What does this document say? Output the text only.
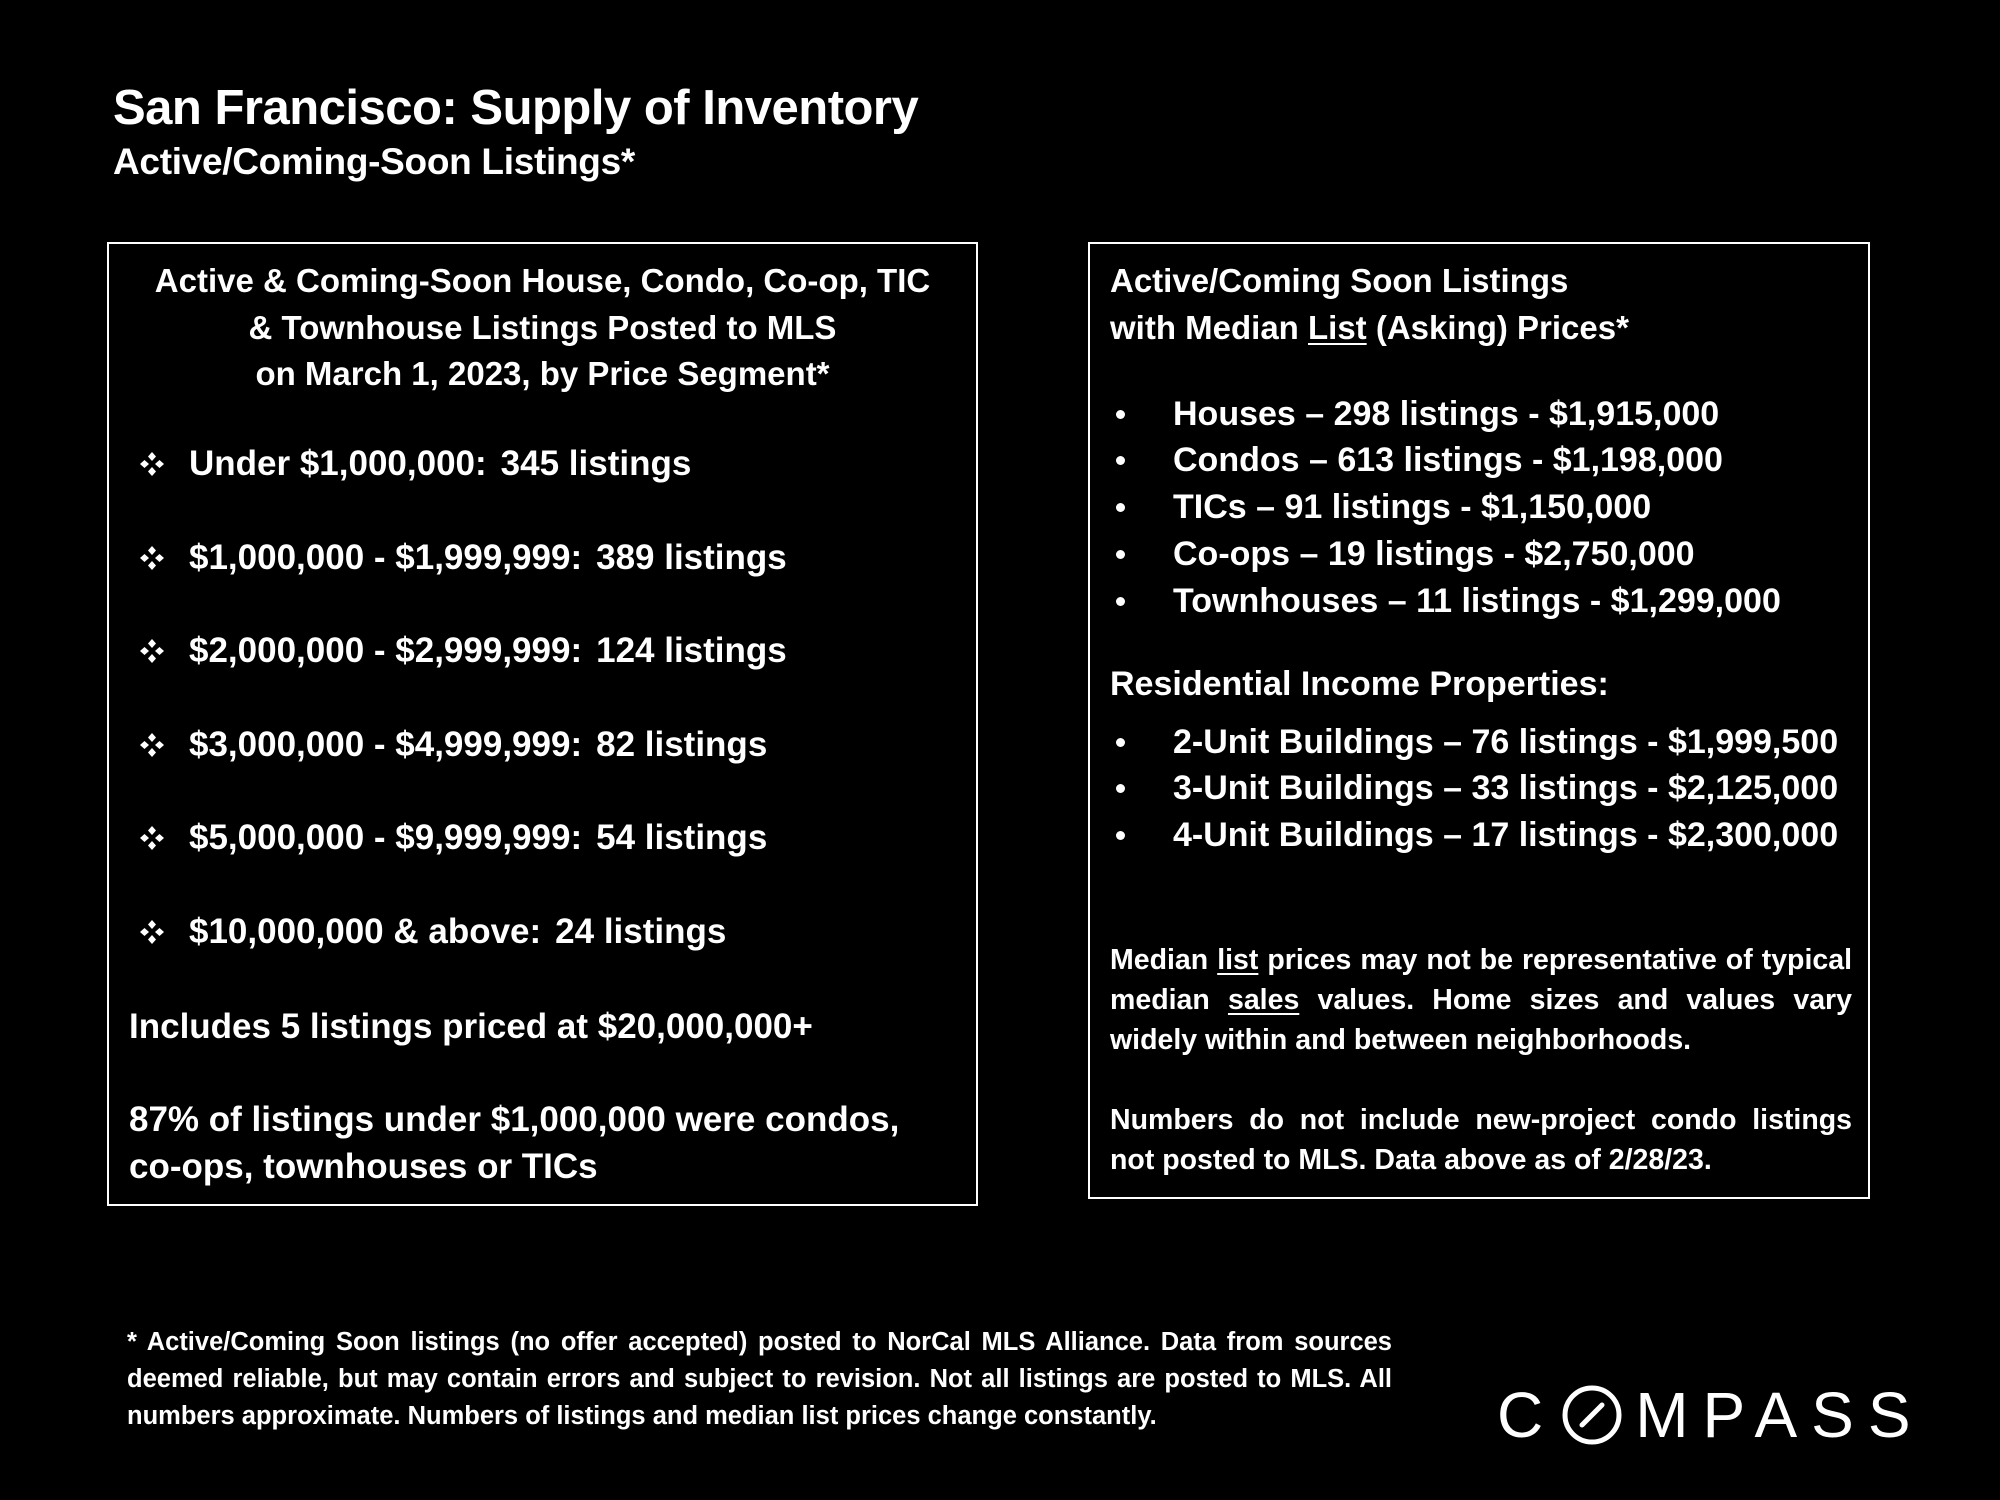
San Francisco: Supply of Inventory
Active/Coming-Soon Listings*
Active & Coming-Soon House, Condo, Co-op, TIC
& Townhouse Listings Posted to MLS
on March 1, 2023, by Price Segment*
Under $1,000,000: 345 listings
$1,000,000 - $1,999,999: 389 listings
$2,000,000 - $2,999,999: 124 listings
$3,000,000 - $4,999,999: 82 listings
$5,000,000 - $9,999,999: 54 listings
$10,000,000 & above: 24 listings
Includes 5 listings priced at $20,000,000+
87% of listings under $1,000,000 were condos, co-ops, townhouses or TICs
Active/Coming Soon Listings
with Median List (Asking) Prices*
Houses – 298 listings - $1,915,000
Condos – 613 listings - $1,198,000
TICs – 91 listings - $1,150,000
Co-ops – 19 listings - $2,750,000
Townhouses – 11 listings - $1,299,000
Residential Income Properties:
2-Unit Buildings – 76 listings - $1,999,500
3-Unit Buildings – 33 listings - $2,125,000
4-Unit Buildings – 17 listings - $2,300,000
Median list prices may not be representative of typical median sales values. Home sizes and values vary widely within and between neighborhoods.
Numbers do not include new-project condo listings not posted to MLS. Data above as of 2/28/23.
* Active/Coming Soon listings (no offer accepted) posted to NorCal MLS Alliance. Data from sources deemed reliable, but may contain errors and subject to revision. Not all listings are posted to MLS. All numbers approximate. Numbers of listings and median list prices change constantly.	C MPASS
